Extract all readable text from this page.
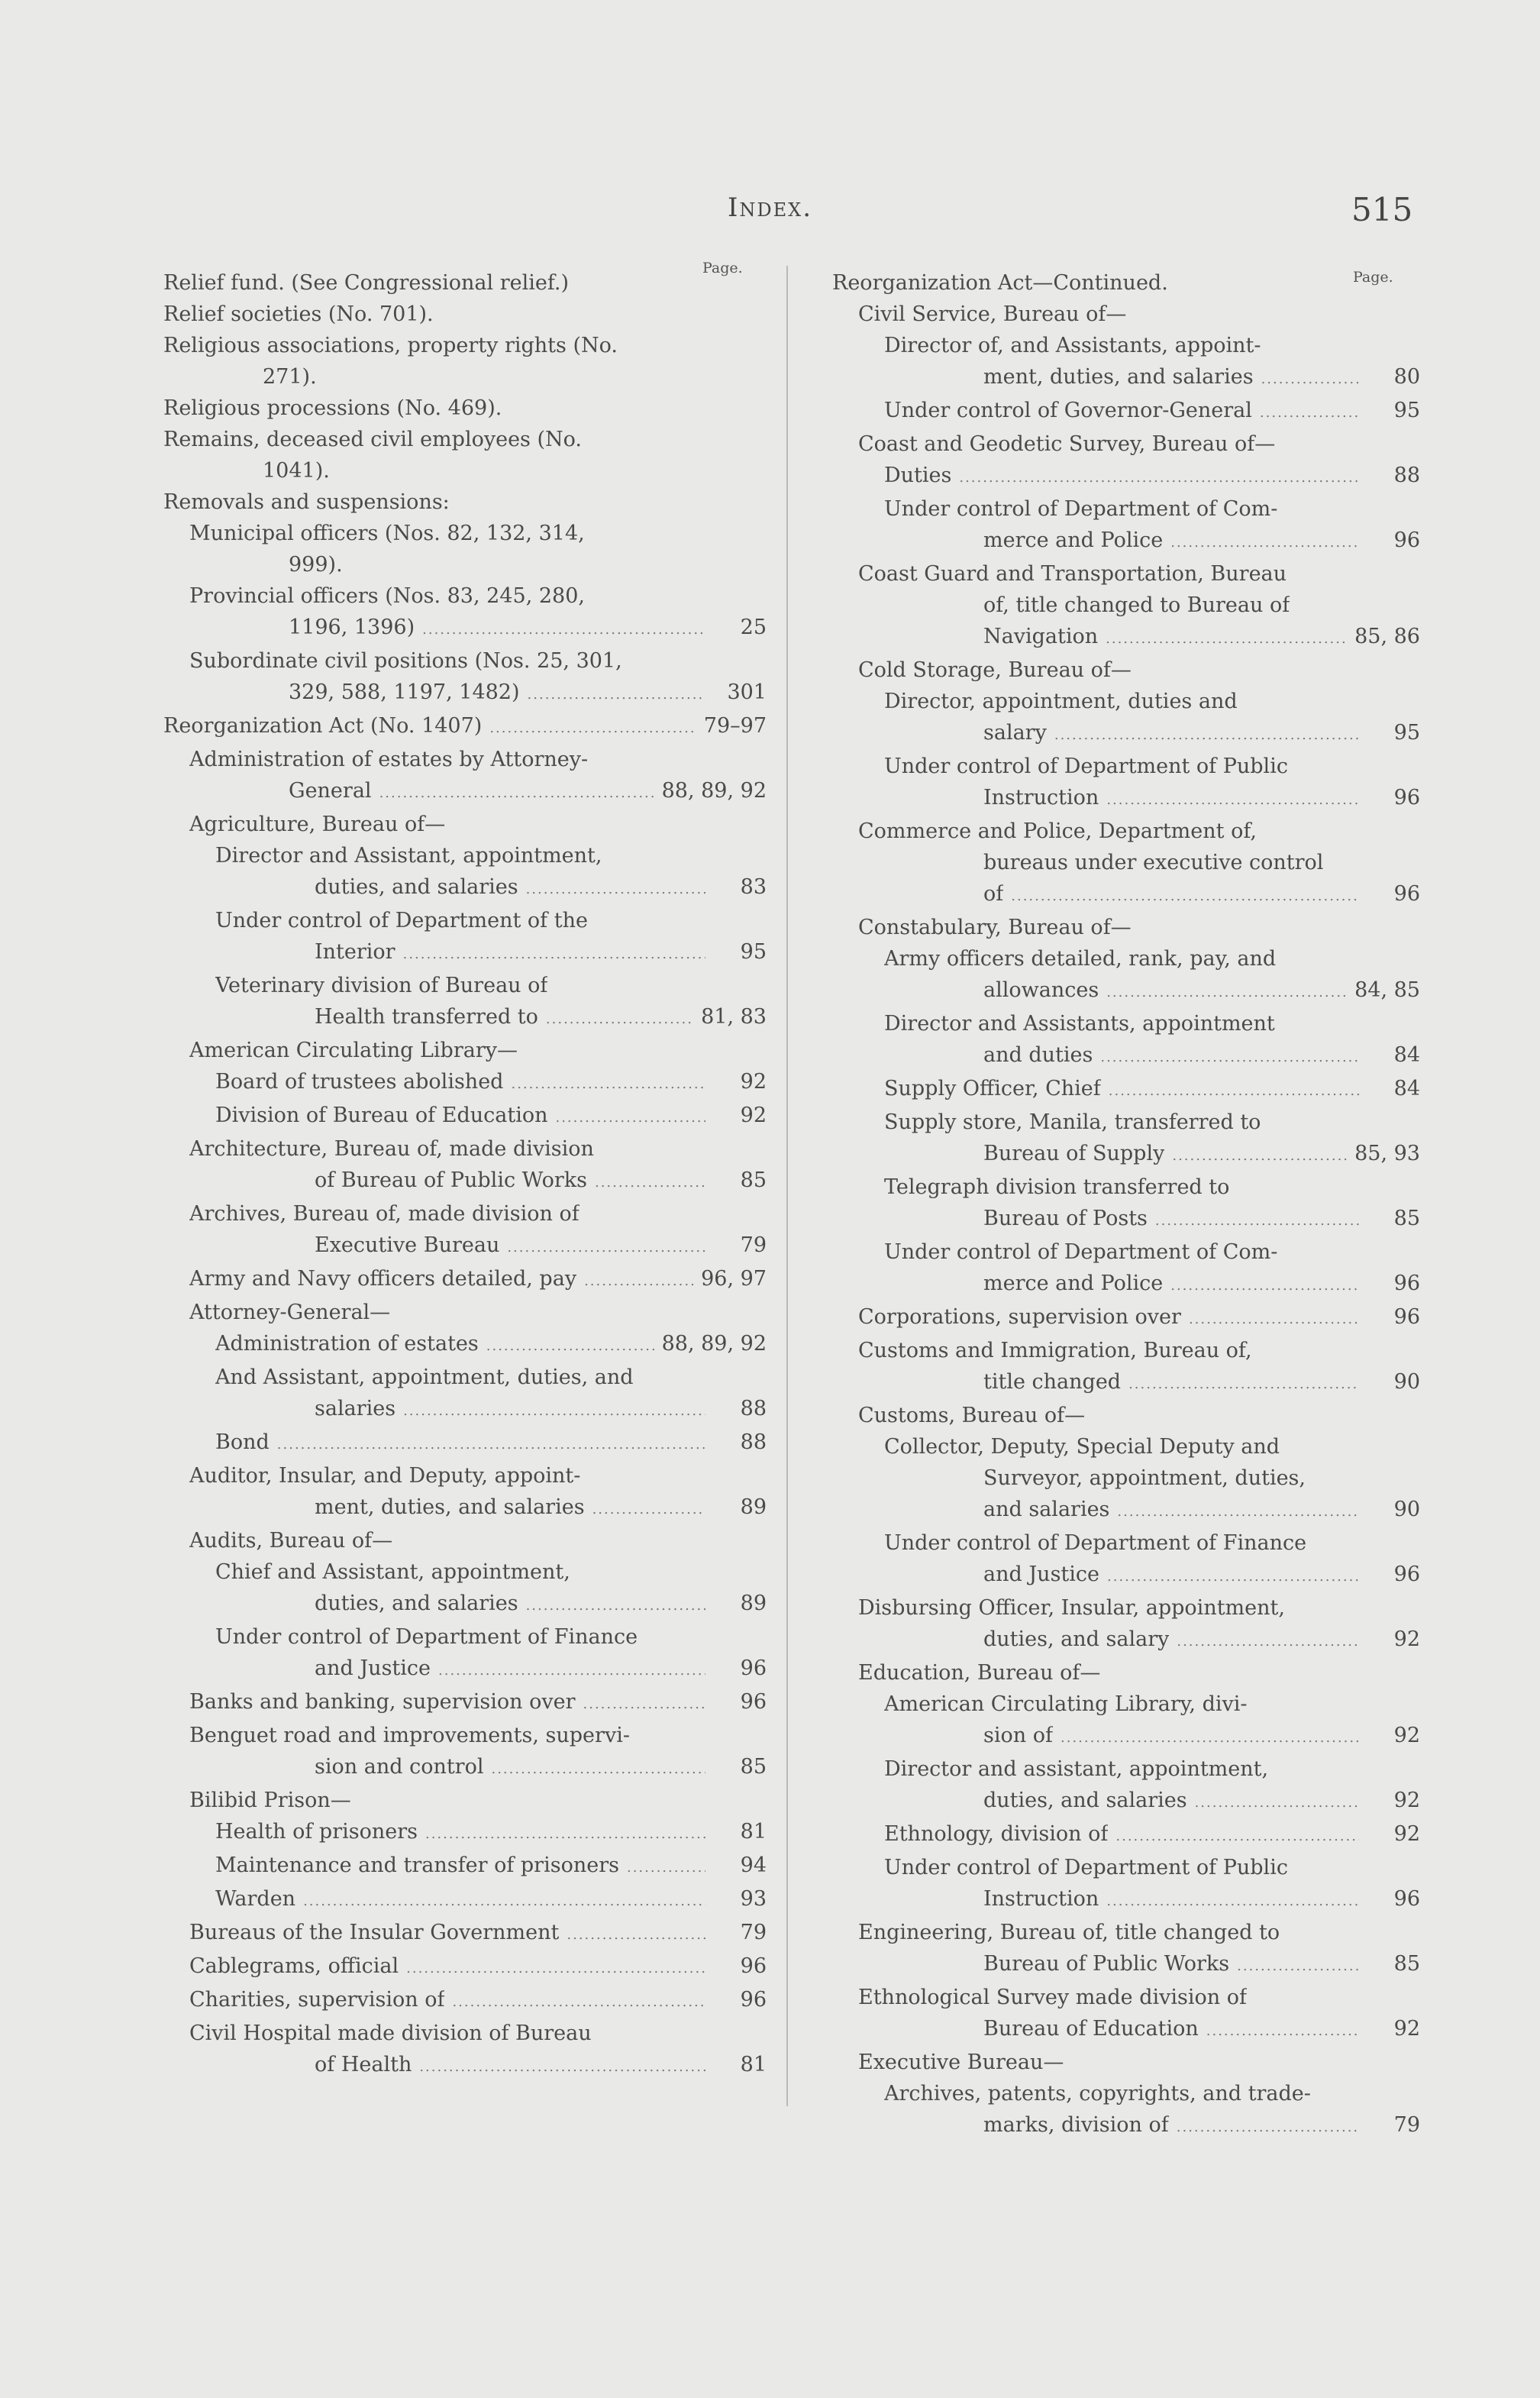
Index.	515
Page.
Page.
Relief fund. (See Congressional relief.)
Relief societies (No. 701).
Religious associations, property rights (No.
271).
Religious processions (No. 469).
Remains, deceased civil employees (No.
1041).
Removals and suspensions:
Municipal officers (Nos. 82, 132, 314,
999).
Provincial officers (Nos. 83, 245, 280,
1196, 1396) .....	25
Subordinate civil positions (Nos. 25, 301,
329, 588, 1197, 1482) .....	301
Reorganization Act (No. 1407) .....	79–97
Administration of estates by Attorney-
General .....	88, 89, 92
Agriculture, Bureau of—
Director and Assistant, appointment,
duties, and salaries .....	83
Under control of Department of the
Interior .....	95
Veterinary division of Bureau of
Health transferred to .....	81, 83
American Circulating Library—
Board of trustees abolished .....	92
Division of Bureau of Education .....	92
Architecture, Bureau of, made division
of Bureau of Public Works .....	85
Archives, Bureau of, made division of
Executive Bureau .....	79
Army and Navy officers detailed, pay .....	96, 97
Attorney-General—
Administration of estates .....	88, 89, 92
And Assistant, appointment, duties, and
salaries .....	88
Bond .....	88
Auditor, Insular, and Deputy, appoint-
ment, duties, and salaries .....	89
Audits, Bureau of—
Chief and Assistant, appointment,
duties, and salaries .....	89
Under control of Department of Finance
and Justice .....	96
Banks and banking, supervision over .....	96
Benguet road and improvements, supervi-
sion and control .....	85
Bilibid Prison—
Health of prisoners .....	81
Maintenance and transfer of prisoners .....	94
Warden .....	93
Bureaus of the Insular Government .....	79
Cablegrams, official .....	96
Charities, supervision of .....	96
Civil Hospital made division of Bureau
of Health .....	81
Reorganization Act—Continued.
Civil Service, Bureau of—
Director of, and Assistants, appoint-
ment, duties, and salaries .....	80
Under control of Governor-General .....	95
Coast and Geodetic Survey, Bureau of—
Duties .....	88
Under control of Department of Com-
merce and Police .....	96
Coast Guard and Transportation, Bureau
of, title changed to Bureau of
Navigation .....	85, 86
Cold Storage, Bureau of—
Director, appointment, duties and
salary .....	95
Under control of Department of Public
Instruction .....	96
Commerce and Police, Department of,
bureaus under executive control
of .....	96
Constabulary, Bureau of—
Army officers detailed, rank, pay, and
allowances .....	84, 85
Director and Assistants, appointment
and duties .....	84
Supply Officer, Chief .....	84
Supply store, Manila, transferred to
Bureau of Supply .....	85, 93
Telegraph division transferred to
Bureau of Posts .....	85
Under control of Department of Com-
merce and Police .....	96
Corporations, supervision over .....	96
Customs and Immigration, Bureau of,
title changed .....	90
Customs, Bureau of—
Collector, Deputy, Special Deputy and
Surveyor, appointment, duties,
and salaries .....	90
Under control of Department of Finance
and Justice .....	96
Disbursing Officer, Insular, appointment,
duties, and salary .....	92
Education, Bureau of—
American Circulating Library, divi-
sion of .....	92
Director and assistant, appointment,
duties, and salaries .....	92
Ethnology, division of .....	92
Under control of Department of Public
Instruction .....	96
Engineering, Bureau of, title changed to
Bureau of Public Works .....	85
Ethnological Survey made division of
Bureau of Education .....	92
Executive Bureau—
Archives, patents, copyrights, and trade-
marks, division of .....	79
